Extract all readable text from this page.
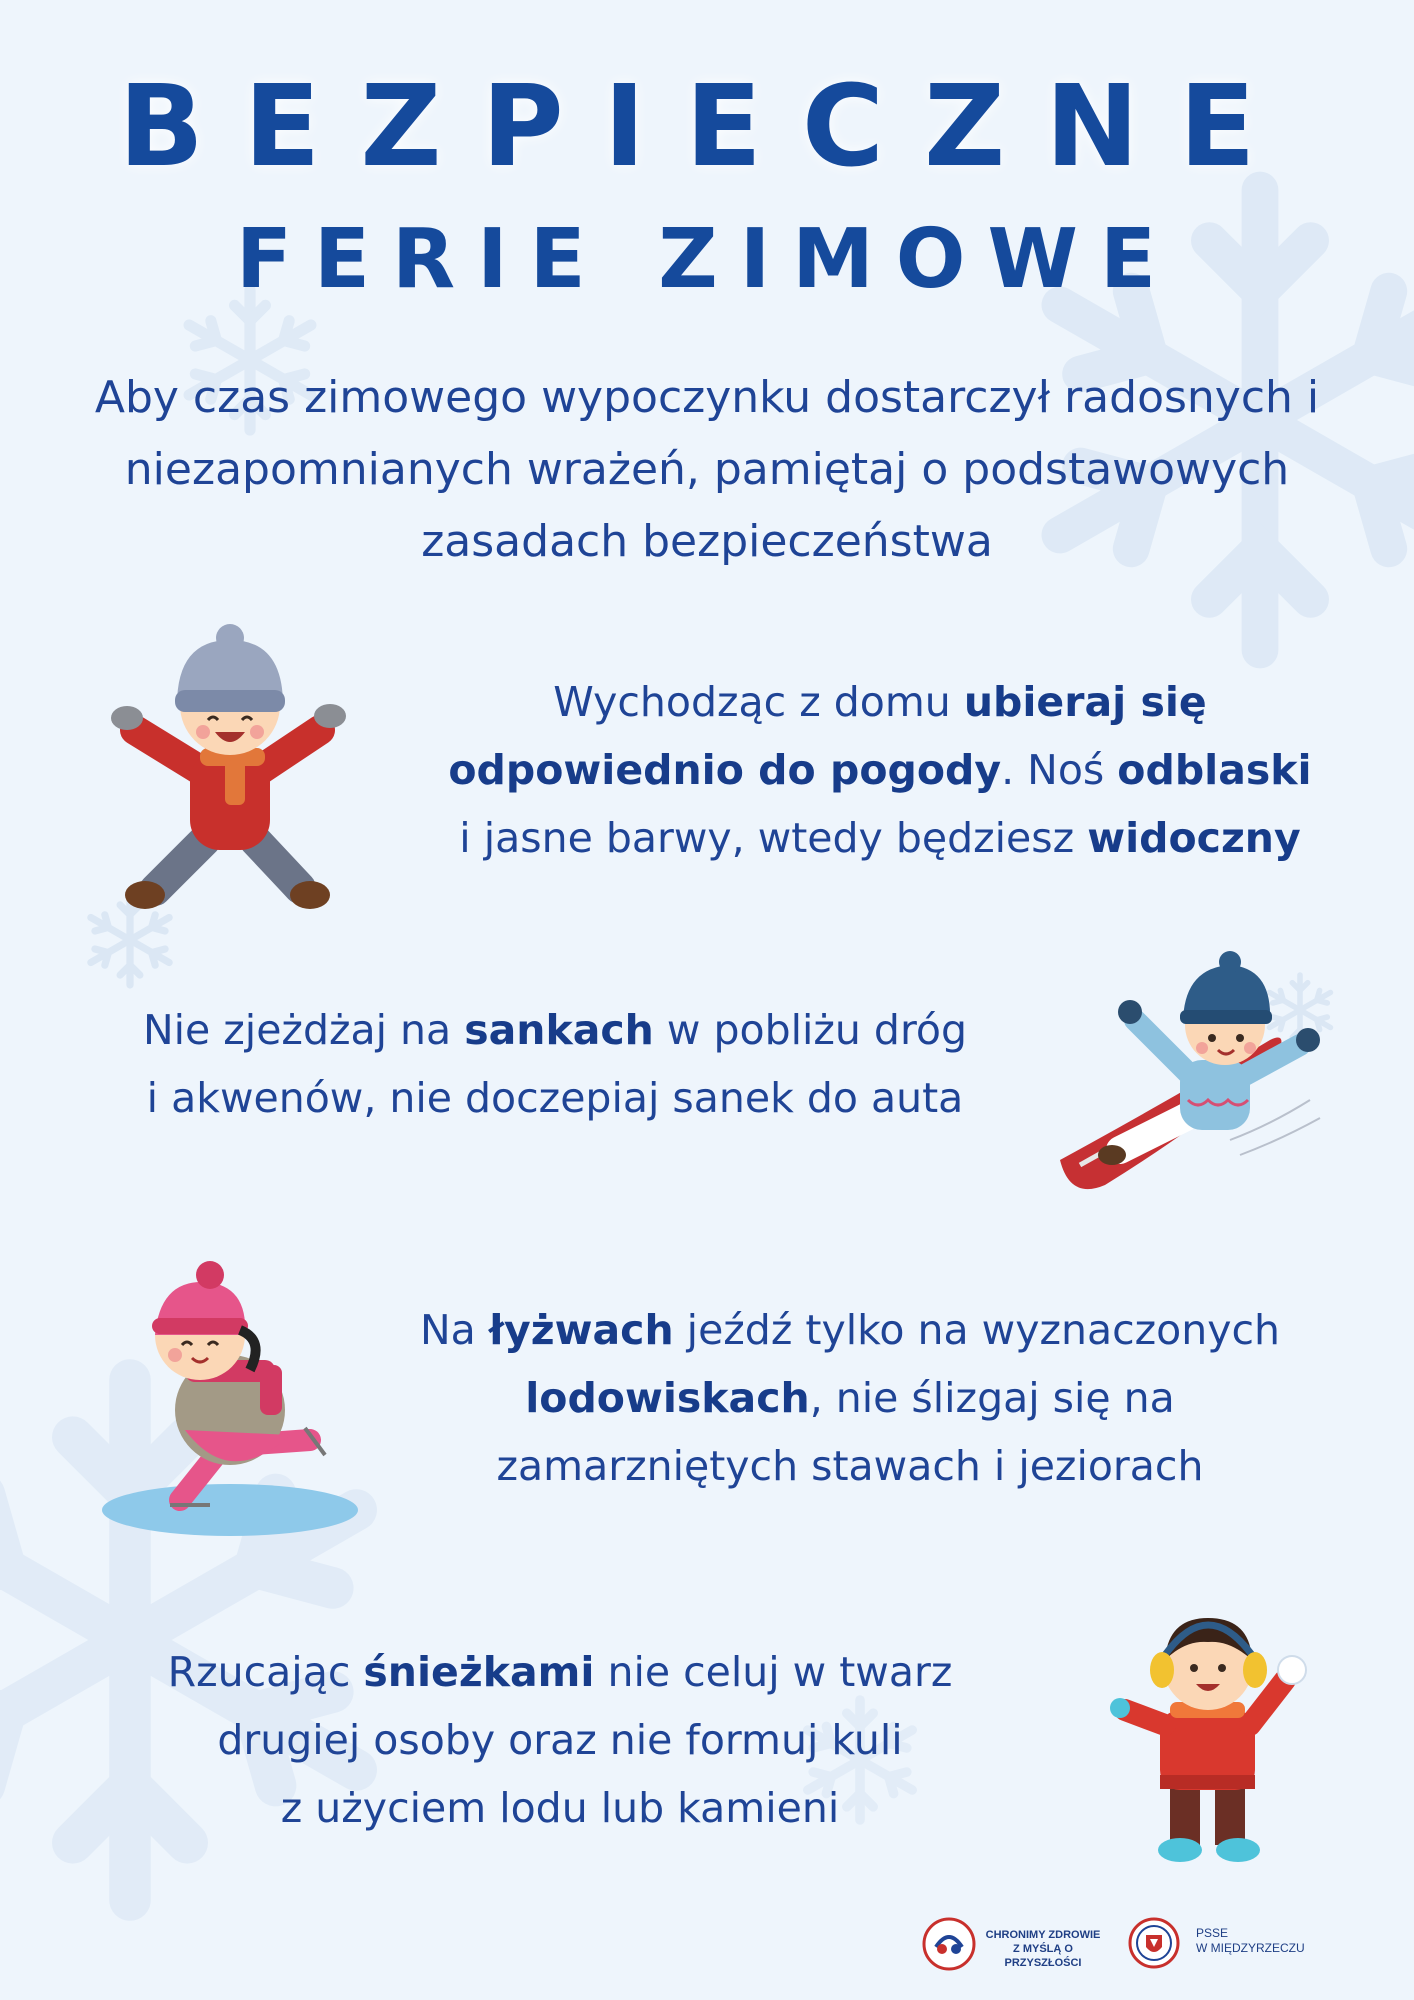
BEZPIECZNE
FERIE ZIMOWE
Aby czas zimowego wypoczynku dostarczył radosnych i niezapomnianych wrażeń, pamiętaj o podstawowych zasadach bezpieczeństwa
Wychodząc z domu ubieraj się
odpowiednio do pogody. Noś odblaski
i jasne barwy, wtedy będziesz widoczny
Nie zjeżdżaj na sankach w pobliżu dróg
i akwenów, nie doczepiaj sanek do auta
Na łyżwach jeźdź tylko na wyznaczonych
lodowiskach, nie ślizgaj się na
zamarzniętych stawach i jeziorach
Rzucając śnieżkami nie celuj w twarz
drugiej osoby oraz nie formuj kuli
z użyciem lodu lub kamieni
CHRONIMY ZDROWIE
Z MYŚLĄ O PRZYSZŁOŚCI
PSSE
W MIĘDZYRZECZU
